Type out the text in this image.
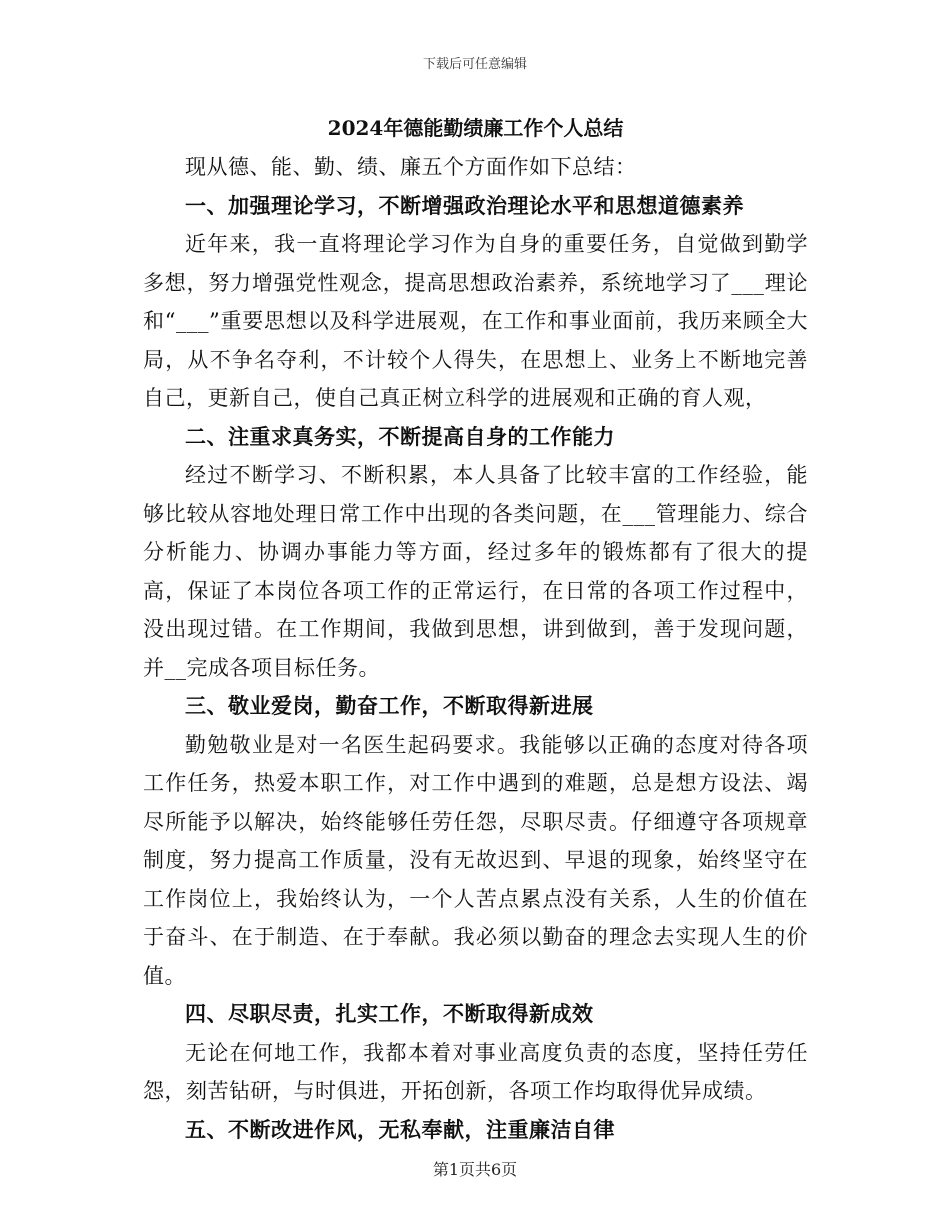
下载后可任意编辑
2024年德能勤绩廉工作个人总结

现从德、能、勤、绩、廉五个方面作如下总结：

一、加强理论学习，不断增强政治理论水平和思想道德素养

近年来，我一直将理论学习作为自身的重要任务，自觉做到勤学多想，努力增强党性观念，提高思想政治素养，系统地学习了___理论和“___”重要思想以及科学进展观，在工作和事业面前，我历来顾全大局，从不争名夺利，不计较个人得失，在思想上、业务上不断地完善自己，更新自己，使自己真正树立科学的进展观和正确的育人观，

二、注重求真务实，不断提高自身的工作能力

经过不断学习、不断积累，本人具备了比较丰富的工作经验，能够比较从容地处理日常工作中出现的各类问题，在___管理能力、综合分析能力、协调办事能力等方面，经过多年的锻炼都有了很大的提高，保证了本岗位各项工作的正常运行，在日常的各项工作过程中，没出现过错。在工作期间，我做到思想，讲到做到，善于发现问题，并__完成各项目标任务。

三、敬业爱岗，勤奋工作，不断取得新进展

勤勉敬业是对一名医生起码要求。我能够以正确的态度对待各项工作任务，热爱本职工作，对工作中遇到的难题，总是想方设法、竭尽所能予以解决，始终能够任劳任怨，尽职尽责。仔细遵守各项规章制度，努力提高工作质量，没有无故迟到、早退的现象，始终坚守在工作岗位上，我始终认为，一个人苦点累点没有关系，人生的价值在于奋斗、在于制造、在于奉献。我必须以勤奋的理念去实现人生的价值。

四、尽职尽责，扎实工作，不断取得新成效

无论在何地工作，我都本着对事业高度负责的态度，坚持任劳任怨，刻苦钻研，与时俱进，开拓创新，各项工作均取得优异成绩。

五、不断改进作风，无私奉献，注重廉洁自律

第1页共6页
